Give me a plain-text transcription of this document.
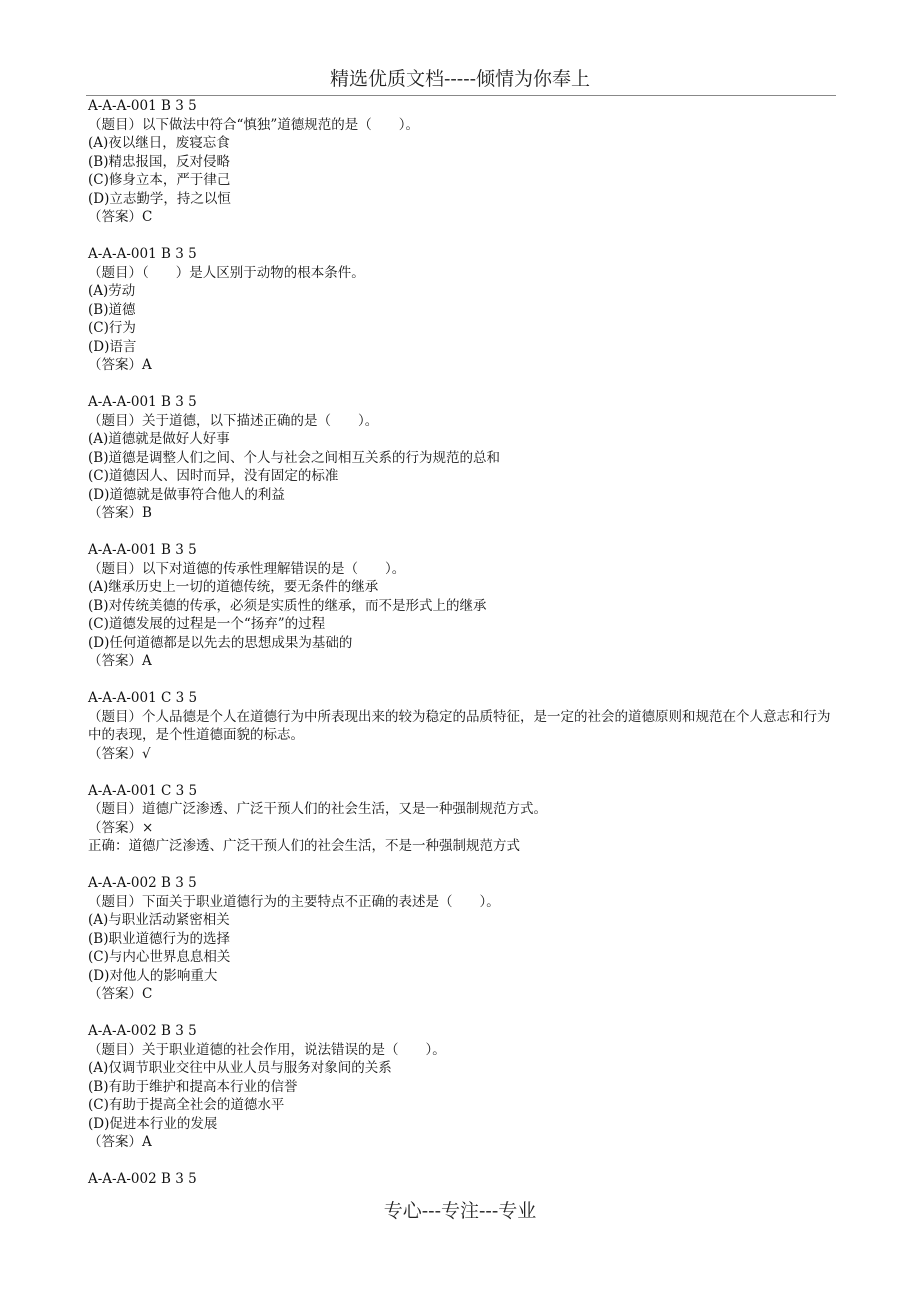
精选优质文档-----倾情为你奉上
A-A-A-001 B 3 5
（题目）以下做法中符合“慎独”道德规范的是（　　）。
(A)夜以继日，废寝忘食
(B)精忠报国，反对侵略
(C)修身立本，严于律己
(D)立志勤学，持之以恒
（答案）C
A-A-A-001 B 3 5
（题目）（　　）是人区别于动物的根本条件。
(A)劳动
(B)道德
(C)行为
(D)语言
（答案）A
A-A-A-001 B 3 5
（题目）关于道德，以下描述正确的是（　　）。
(A)道德就是做好人好事
(B)道德是调整人们之间、个人与社会之间相互关系的行为规范的总和
(C)道德因人、因时而异，没有固定的标准
(D)道德就是做事符合他人的利益
（答案）B
A-A-A-001 B 3 5
（题目）以下对道德的传承性理解错误的是（　　）。
(A)继承历史上一切的道德传统，要无条件的继承
(B)对传统美德的传承，必须是实质性的继承，而不是形式上的继承
(C)道德发展的过程是一个“扬弃”的过程
(D)任何道德都是以先去的思想成果为基础的
（答案）A
A-A-A-001 C 3 5
（题目）个人品德是个人在道德行为中所表现出来的较为稳定的品质特征，是一定的社会的道德原则和规范在个人意志和行为中的表现，是个性道德面貌的标志。
（答案）√
A-A-A-001 C 3 5
（题目）道德广泛渗透、广泛干预人们的社会生活，又是一种强制规范方式。
（答案）×
正确：道德广泛渗透、广泛干预人们的社会生活，不是一种强制规范方式
A-A-A-002 B 3 5
（题目）下面关于职业道德行为的主要特点不正确的表述是（　　）。
(A)与职业活动紧密相关
(B)职业道德行为的选择
(C)与内心世界息息相关
(D)对他人的影响重大
（答案）C
A-A-A-002 B 3 5
（题目）关于职业道德的社会作用，说法错误的是（　　）。
(A)仅调节职业交往中从业人员与服务对象间的关系
(B)有助于维护和提高本行业的信誉
(C)有助于提高全社会的道德水平
(D)促进本行业的发展
（答案）A
A-A-A-002 B 3 5
专心---专注---专业
